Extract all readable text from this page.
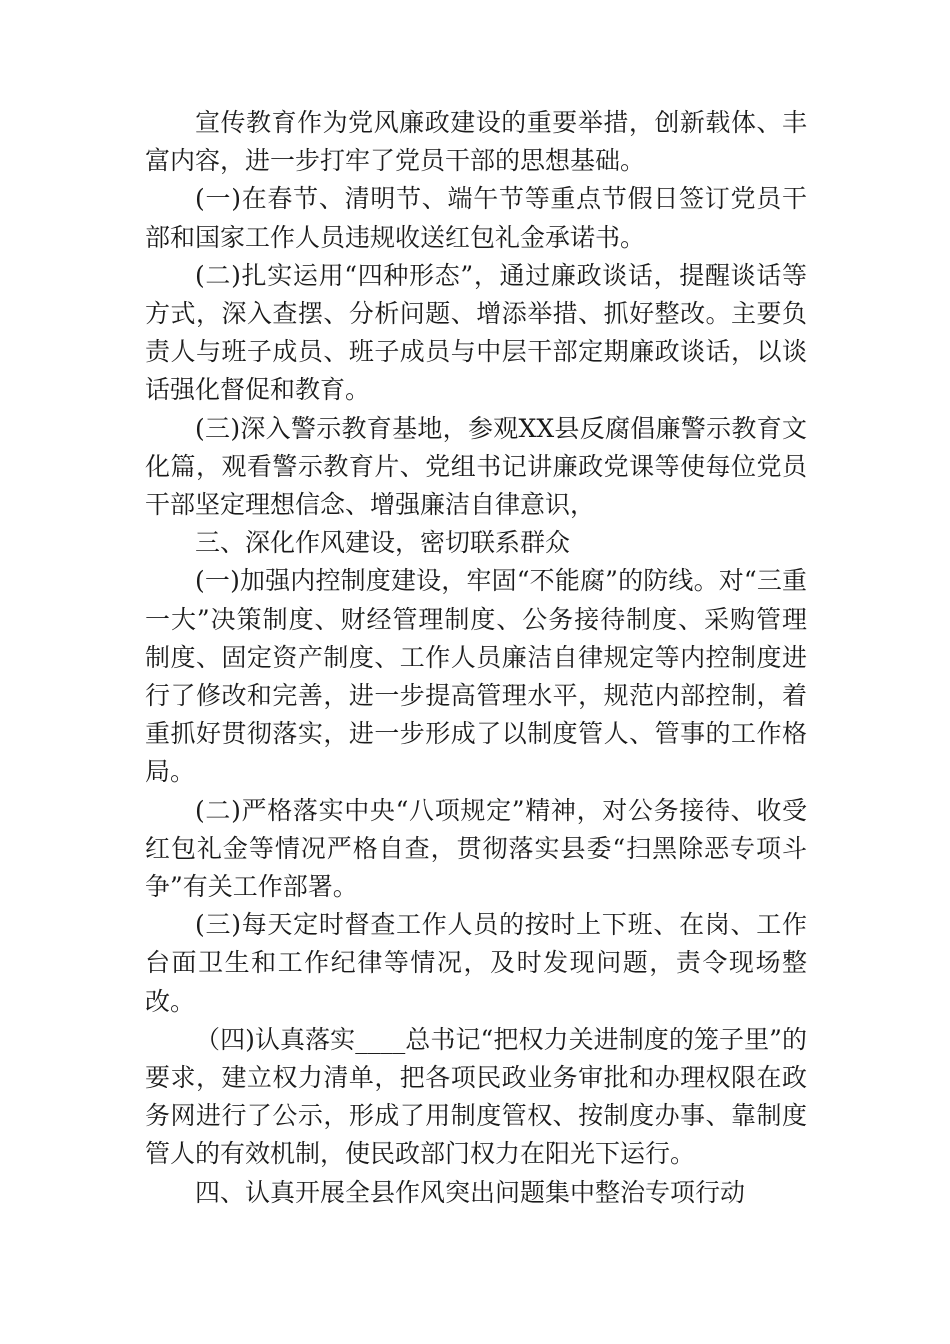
宣传教育作为党风廉政建设的重要举措，创新载体、丰富内容，进一步打牢了党员干部的思想基础。

(一)在春节、清明节、端午节等重点节假日签订党员干部和国家工作人员违规收送红包礼金承诺书。

(二)扎实运用“四种形态”，通过廉政谈话，提醒谈话等方式，深入查摆、分析问题、增添举措、抓好整改。主要负责人与班子成员、班子成员与中层干部定期廉政谈话，以谈话强化督促和教育。

(三)深入警示教育基地，参观XX县反腐倡廉警示教育文化篇，观看警示教育片、党组书记讲廉政党课等使每位党员干部坚定理想信念、增强廉洁自律意识，

三、深化作风建设，密切联系群众

(一)加强内控制度建设，牢固“不能腐”的防线。对“三重一大”决策制度、财经管理制度、公务接待制度、采购管理制度、固定资产制度、工作人员廉洁自律规定等内控制度进行了修改和完善，进一步提高管理水平，规范内部控制，着重抓好贯彻落实，进一步形成了以制度管人、管事的工作格局。

(二)严格落实中央“八项规定”精神，对公务接待、收受红包礼金等情况严格自查，贯彻落实县委“扫黑除恶专项斗争”有关工作部署。

(三)每天定时督查工作人员的按时上下班、在岗、工作台面卫生和工作纪律等情况，及时发现问题，责令现场整改。

（四)认真落实____总书记“把权力关进制度的笼子里”的要求，建立权力清单，把各项民政业务审批和办理权限在政务网进行了公示，形成了用制度管权、按制度办事、靠制度管人的有效机制，使民政部门权力在阳光下运行。

四、认真开展全县作风突出问题集中整治专项行动
